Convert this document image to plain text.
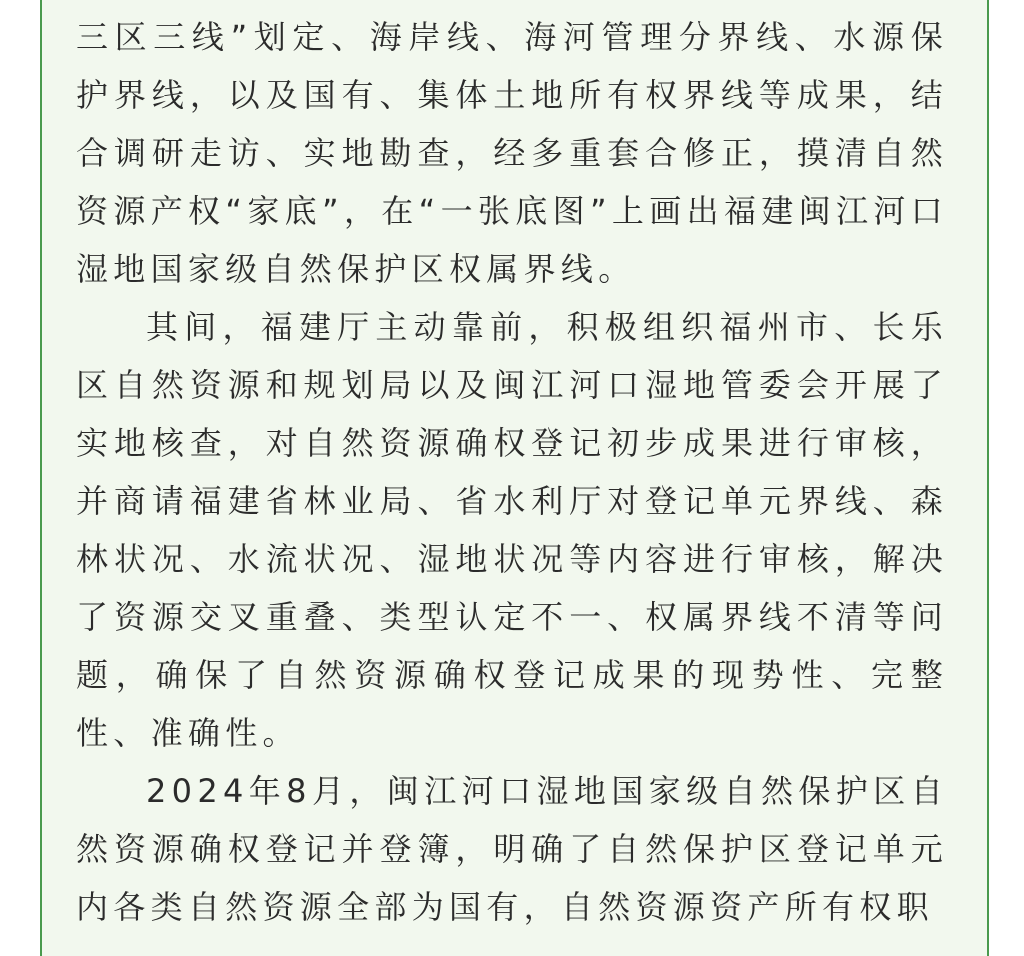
三区三线”划定、海岸线、海河管理分界线、水源保护界线，以及国有、集体土地所有权界线等成果，结合调研走访、实地勘查，经多重套合修正，摸清自然资源产权“家底”，在“一张底图”上画出福建闽江河口湿地国家级自然保护区权属界线。

其间，福建厅主动靠前，积极组织福州市、长乐区自然资源和规划局以及闽江河口湿地管委会开展了实地核查，对自然资源确权登记初步成果进行审核，并商请福建省林业局、省水利厅对登记单元界线、森林状况、水流状况、湿地状况等内容进行审核，解决了资源交叉重叠、类型认定不一、权属界线不清等问题，确保了自然资源确权登记成果的现势性、完整性、准确性。

2024年8月，闽江河口湿地国家级自然保护区自然资源确权登记并登簿，明确了自然保护区登记单元内各类自然资源全部为国有，自然资源资产所有权职
